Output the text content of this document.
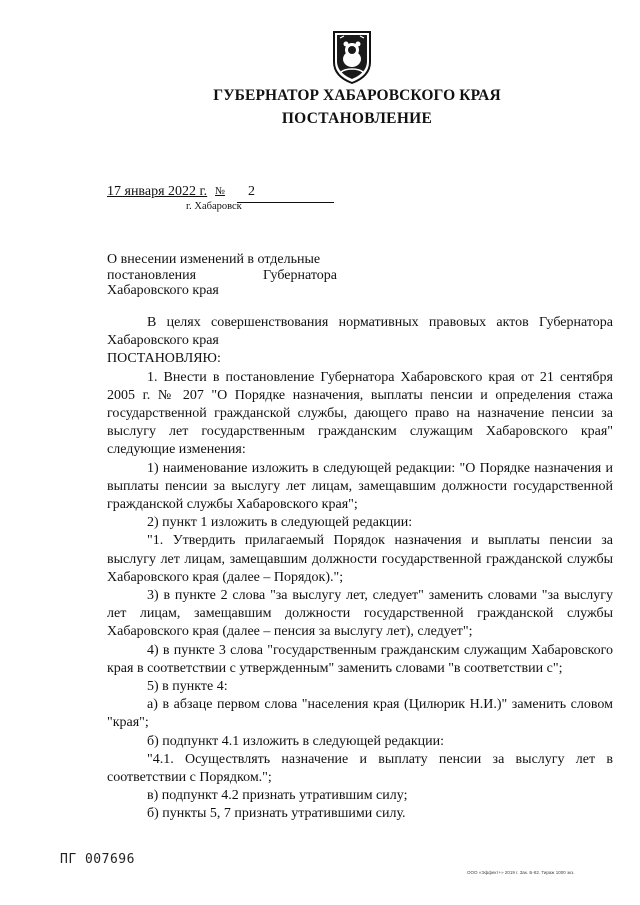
ГУБЕРНАТОР ХАБАРОВСКОГО КРАЯ
ПОСТАНОВЛЕНИЕ
17 января 2022 г. № 2
г. Хабаровск
О внесении изменений в отдельные
постановления	Губернатора
Хабаровского края

В целях совершенствования нормативных правовых актов Губернатора Хабаровского края

ПОСТАНОВЛЯЮ:

1. Внести в постановление Губернатора Хабаровского края от 21 сентября 2005 г. № 207 "О Порядке назначения, выплаты пенсии и определения стажа государственной гражданской службы, дающего право на назначение пенсии за выслугу лет государственным гражданским служащим Хабаровского края" следующие изменения:

1) наименование изложить в следующей редакции: "О Порядке назначения и выплаты пенсии за выслугу лет лицам, замещавшим должности государственной гражданской службы Хабаровского края";

2) пункт 1 изложить в следующей редакции:

"1. Утвердить прилагаемый Порядок назначения и выплаты пенсии за выслугу лет лицам, замещавшим должности государственной гражданской службы Хабаровского края (далее – Порядок).";

3) в пункте 2 слова "за выслугу лет, следует" заменить словами "за выслугу лет лицам, замещавшим должности государственной гражданской службы Хабаровского края (далее – пенсия за выслугу лет), следует";

4) в пункте 3 слова "государственным гражданским служащим Хабаровского края в соответствии с утвержденным" заменить словами "в соответствии с";

5) в пункте 4:

а) в абзаце первом слова "населения края (Цилюрик Н.И.)" заменить словом "края";

б) подпункт 4.1 изложить в следующей редакции:

"4.1. Осуществлять назначение и выплату пенсии за выслугу лет в соответствии с Порядком.";

в) подпункт 4.2 признать утратившим силу;

б) пункты 5, 7 признать утратившими силу.

ПГ 007696
ООО «Эффект+» 2019 г. Зак. Б-82. Тираж 1000 экз.
